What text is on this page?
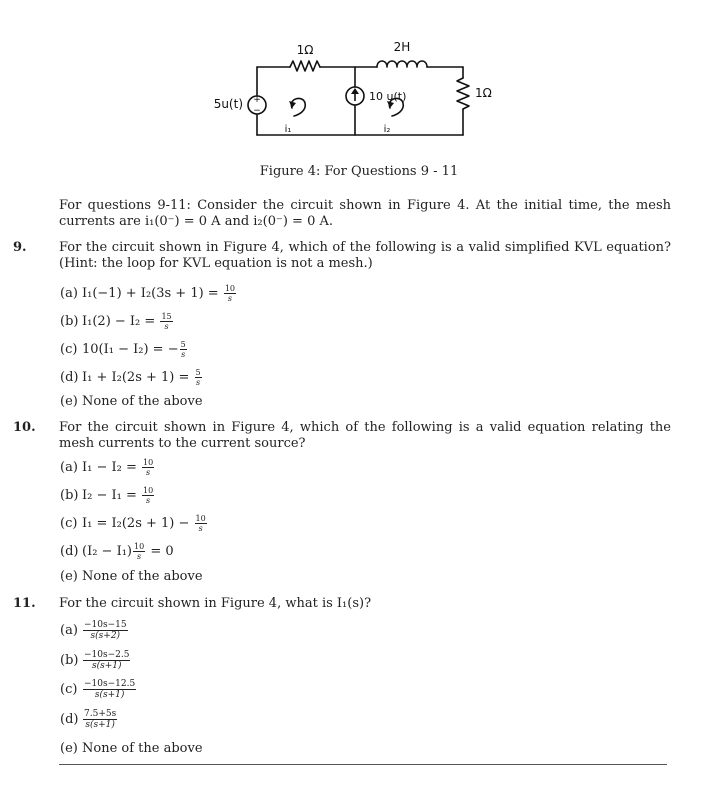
+
−
1Ω	2H
1Ω
5u(t)
10 u(t)
i₁	i₂
Figure 4: For Questions 9 - 11
For questions 9-11: Consider the circuit shown in Figure 4. At the initial time, the mesh currents are i₁(0⁻) = 0 A and i₂(0⁻) = 0 A.
9. For the circuit shown in Figure 4, which of the following is a valid simplified KVL equation? (Hint: the loop for KVL equation is not a mesh.)
(a) $I_1(-1) + I_2(3s + 1) = \frac{10}{s}$
(b) $I_1(2) - I_2 = \frac{15}{s}$
(c) 10(I₁ − I₂) = − $\frac{5}{s}$
(d) $I_1 + I_2(2s + 1) = \frac{5}{s}$
(e) None of the above
10. For the circuit shown in Figure 4, which of the following is a valid equation relating the mesh currents to the current source?
(a) $I_1 - I_2 = \frac{10}{s}$
(b) $I_2 - I_1 = \frac{10}{s}$
(c) $I_1 = I_2(2s + 1) - \frac{10}{s}$
(d) $(I_2 - I_1) \frac{10}{s} = 0$
(e) None of the above
11. For the circuit shown in Figure 4, what is I₁(s)?
$(a) \frac{-10s-15}{s(s+2)}$
$(b) \frac{-10s-2.5}{s(s+1)}$
$(c) \frac{-10s-12.5}{s(s+1)}$
$(d) \frac{7.5+5s}{s(s+1)}$
(e) None of the above
